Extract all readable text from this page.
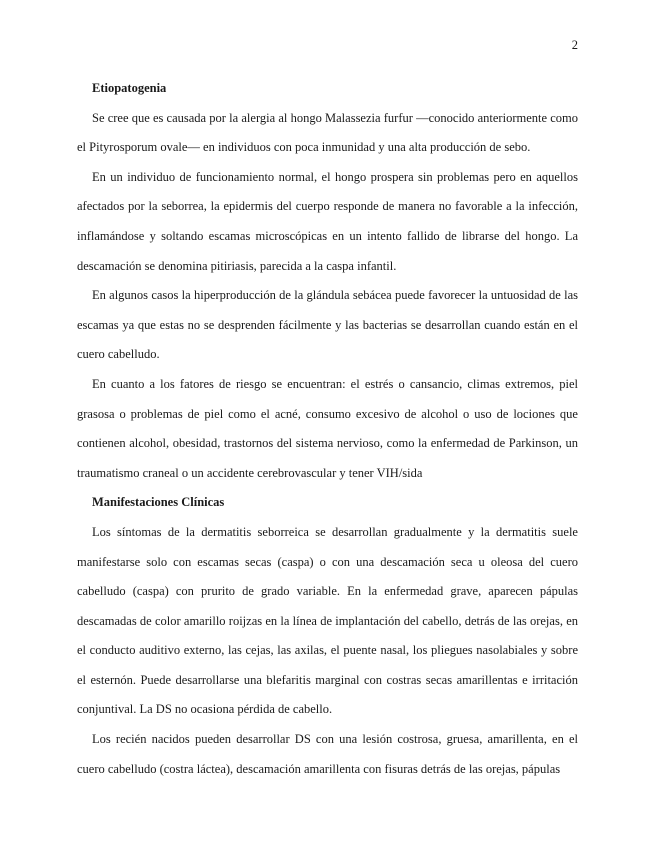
2
Etiopatogenia

Se cree que es causada por la alergia al hongo Malassezia furfur —conocido anteriormente como el Pityrosporum ovale— en individuos con poca inmunidad y una alta producción de sebo.

En un individuo de funcionamiento normal, el hongo prospera sin problemas pero en aquellos afectados por la seborrea, la epidermis del cuerpo responde de manera no favorable a la infección, inflamándose y soltando escamas microscópicas en un intento fallido de librarse del hongo. La descamación se denomina pitiriasis, parecida a la caspa infantil.

En algunos casos la hiperproducción de la glándula sebácea puede favorecer la untuosidad de las escamas ya que estas no se desprenden fácilmente y las bacterias se desarrollan cuando están en el cuero cabelludo.

En cuanto a los fatores de riesgo se encuentran: el estrés o cansancio, climas extremos, piel grasosa o problemas de piel como el acné, consumo excesivo de alcohol o uso de lociones que contienen alcohol, obesidad, trastornos del sistema nervioso, como la enfermedad de Parkinson, un traumatismo craneal o un accidente cerebrovascular y tener VIH/sida

Manifestaciones Clínicas

Los síntomas de la dermatitis seborreica se desarrollan gradualmente y la dermatitis suele manifestarse solo con escamas secas (caspa) o con una descamación seca u oleosa del cuero cabelludo (caspa) con prurito de grado variable. En la enfermedad grave, aparecen pápulas descamadas de color amarillo roijzas en la línea de implantación del cabello, detrás de las orejas, en el conducto auditivo externo, las cejas, las axilas, el puente nasal, los pliegues nasolabiales y sobre el esternón. Puede desarrollarse una blefaritis marginal con costras secas amarillentas e irritación conjuntival. La DS no ocasiona pérdida de cabello.

Los recién nacidos pueden desarrollar DS con una lesión costrosa, gruesa, amarillenta, en el cuero cabelludo (costra láctea), descamación amarillenta con fisuras detrás de las orejas, pápulas
